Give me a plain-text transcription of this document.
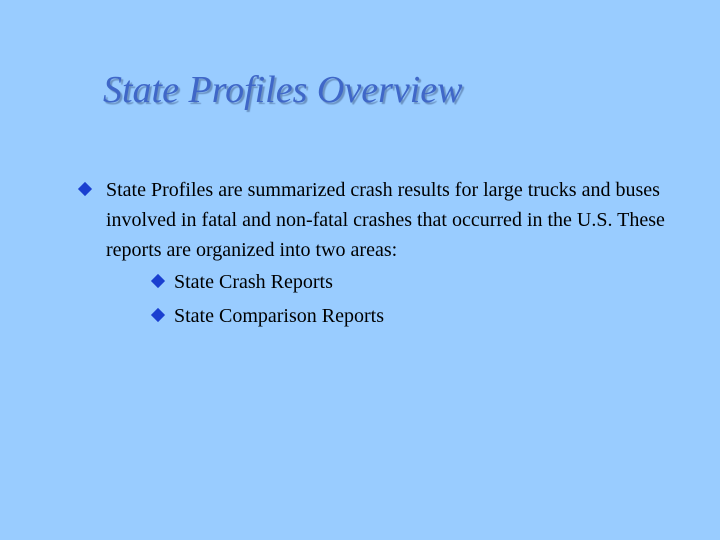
State Profiles Overview
State Profiles are summarized crash results for large trucks and buses involved in fatal and non-fatal crashes that occurred in the U.S. These reports are organized into two areas:
State Crash Reports
State Comparison Reports
